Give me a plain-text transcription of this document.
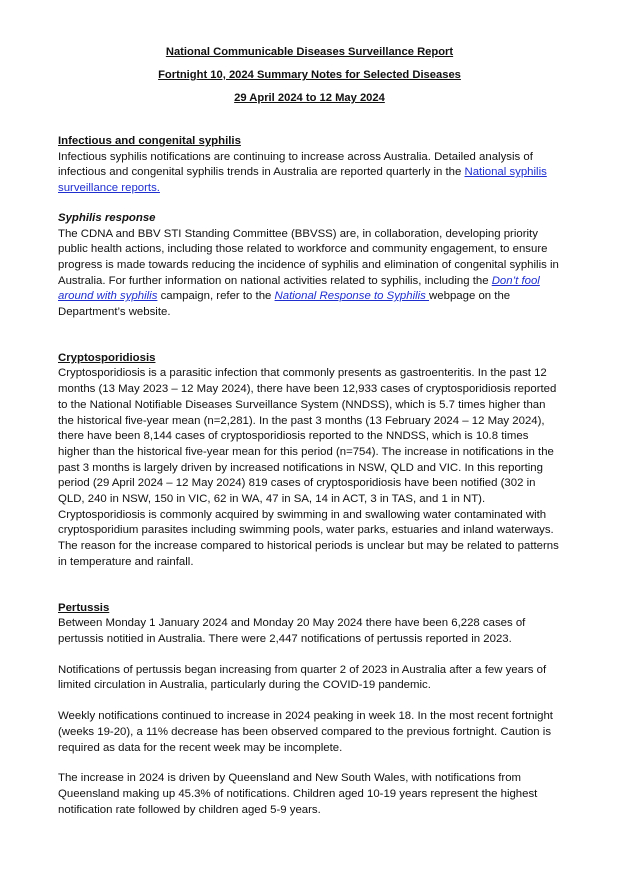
National Communicable Diseases Surveillance Report
Fortnight 10, 2024 Summary Notes for Selected Diseases
29 April 2024 to 12 May 2024
Infectious and congenital syphilis

Infectious syphilis notifications are continuing to increase across Australia. Detailed analysis of infectious and congenital syphilis trends in Australia are reported quarterly in the National syphilis surveillance reports.

Syphilis response

The CDNA and BBV STI Standing Committee (BBVSS) are, in collaboration, developing priority public health actions, including those related to workforce and community engagement, to ensure progress is made towards reducing the incidence of syphilis and elimination of congenital syphilis in Australia. For further information on national activities related to syphilis, including the Don’t fool around with syphilis campaign, refer to the National Response to Syphilis webpage on the Department’s website.

Cryptosporidiosis

Cryptosporidiosis is a parasitic infection that commonly presents as gastroenteritis. In the past 12 months (13 May 2023 – 12 May 2024), there have been 12,933 cases of cryptosporidiosis reported to the National Notifiable Diseases Surveillance System (NNDSS), which is 5.7 times higher than the historical five-year mean (n=2,281). In the past 3 months (13 February 2024 – 12 May 2024), there have been 8,144 cases of cryptosporidiosis reported to the NNDSS, which is 10.8 times higher than the historical five-year mean for this period (n=754). The increase in notifications in the past 3 months is largely driven by increased notifications in NSW, QLD and VIC. In this reporting period (29 April 2024 – 12 May 2024) 819 cases of cryptosporidiosis have been notified (302 in QLD, 240 in NSW, 150 in VIC, 62 in WA, 47 in SA, 14 in ACT, 3 in TAS, and 1 in NT). Cryptosporidiosis is commonly acquired by swimming in and swallowing water contaminated with cryptosporidium parasites including swimming pools, water parks, estuaries and inland waterways. The reason for the increase compared to historical periods is unclear but may be related to patterns in temperature and rainfall.

Pertussis

Between Monday 1 January 2024 and Monday 20 May 2024 there have been 6,228 cases of pertussis notitied in Australia. There were 2,447 notifications of pertussis reported in 2023.

Notifications of pertussis began increasing from quarter 2 of 2023 in Australia after a few years of limited circulation in Australia, particularly during the COVID-19 pandemic.

Weekly notifications continued to increase in 2024 peaking in week 18. In the most recent fortnight (weeks 19-20), a 11% decrease has been observed compared to the previous fortnight. Caution is required as data for the recent week may be incomplete.

The increase in 2024 is driven by Queensland and New South Wales, with notifications from Queensland making up 45.3% of notifications. Children aged 10-19 years represent the highest notification rate followed by children aged 5-9 years.
